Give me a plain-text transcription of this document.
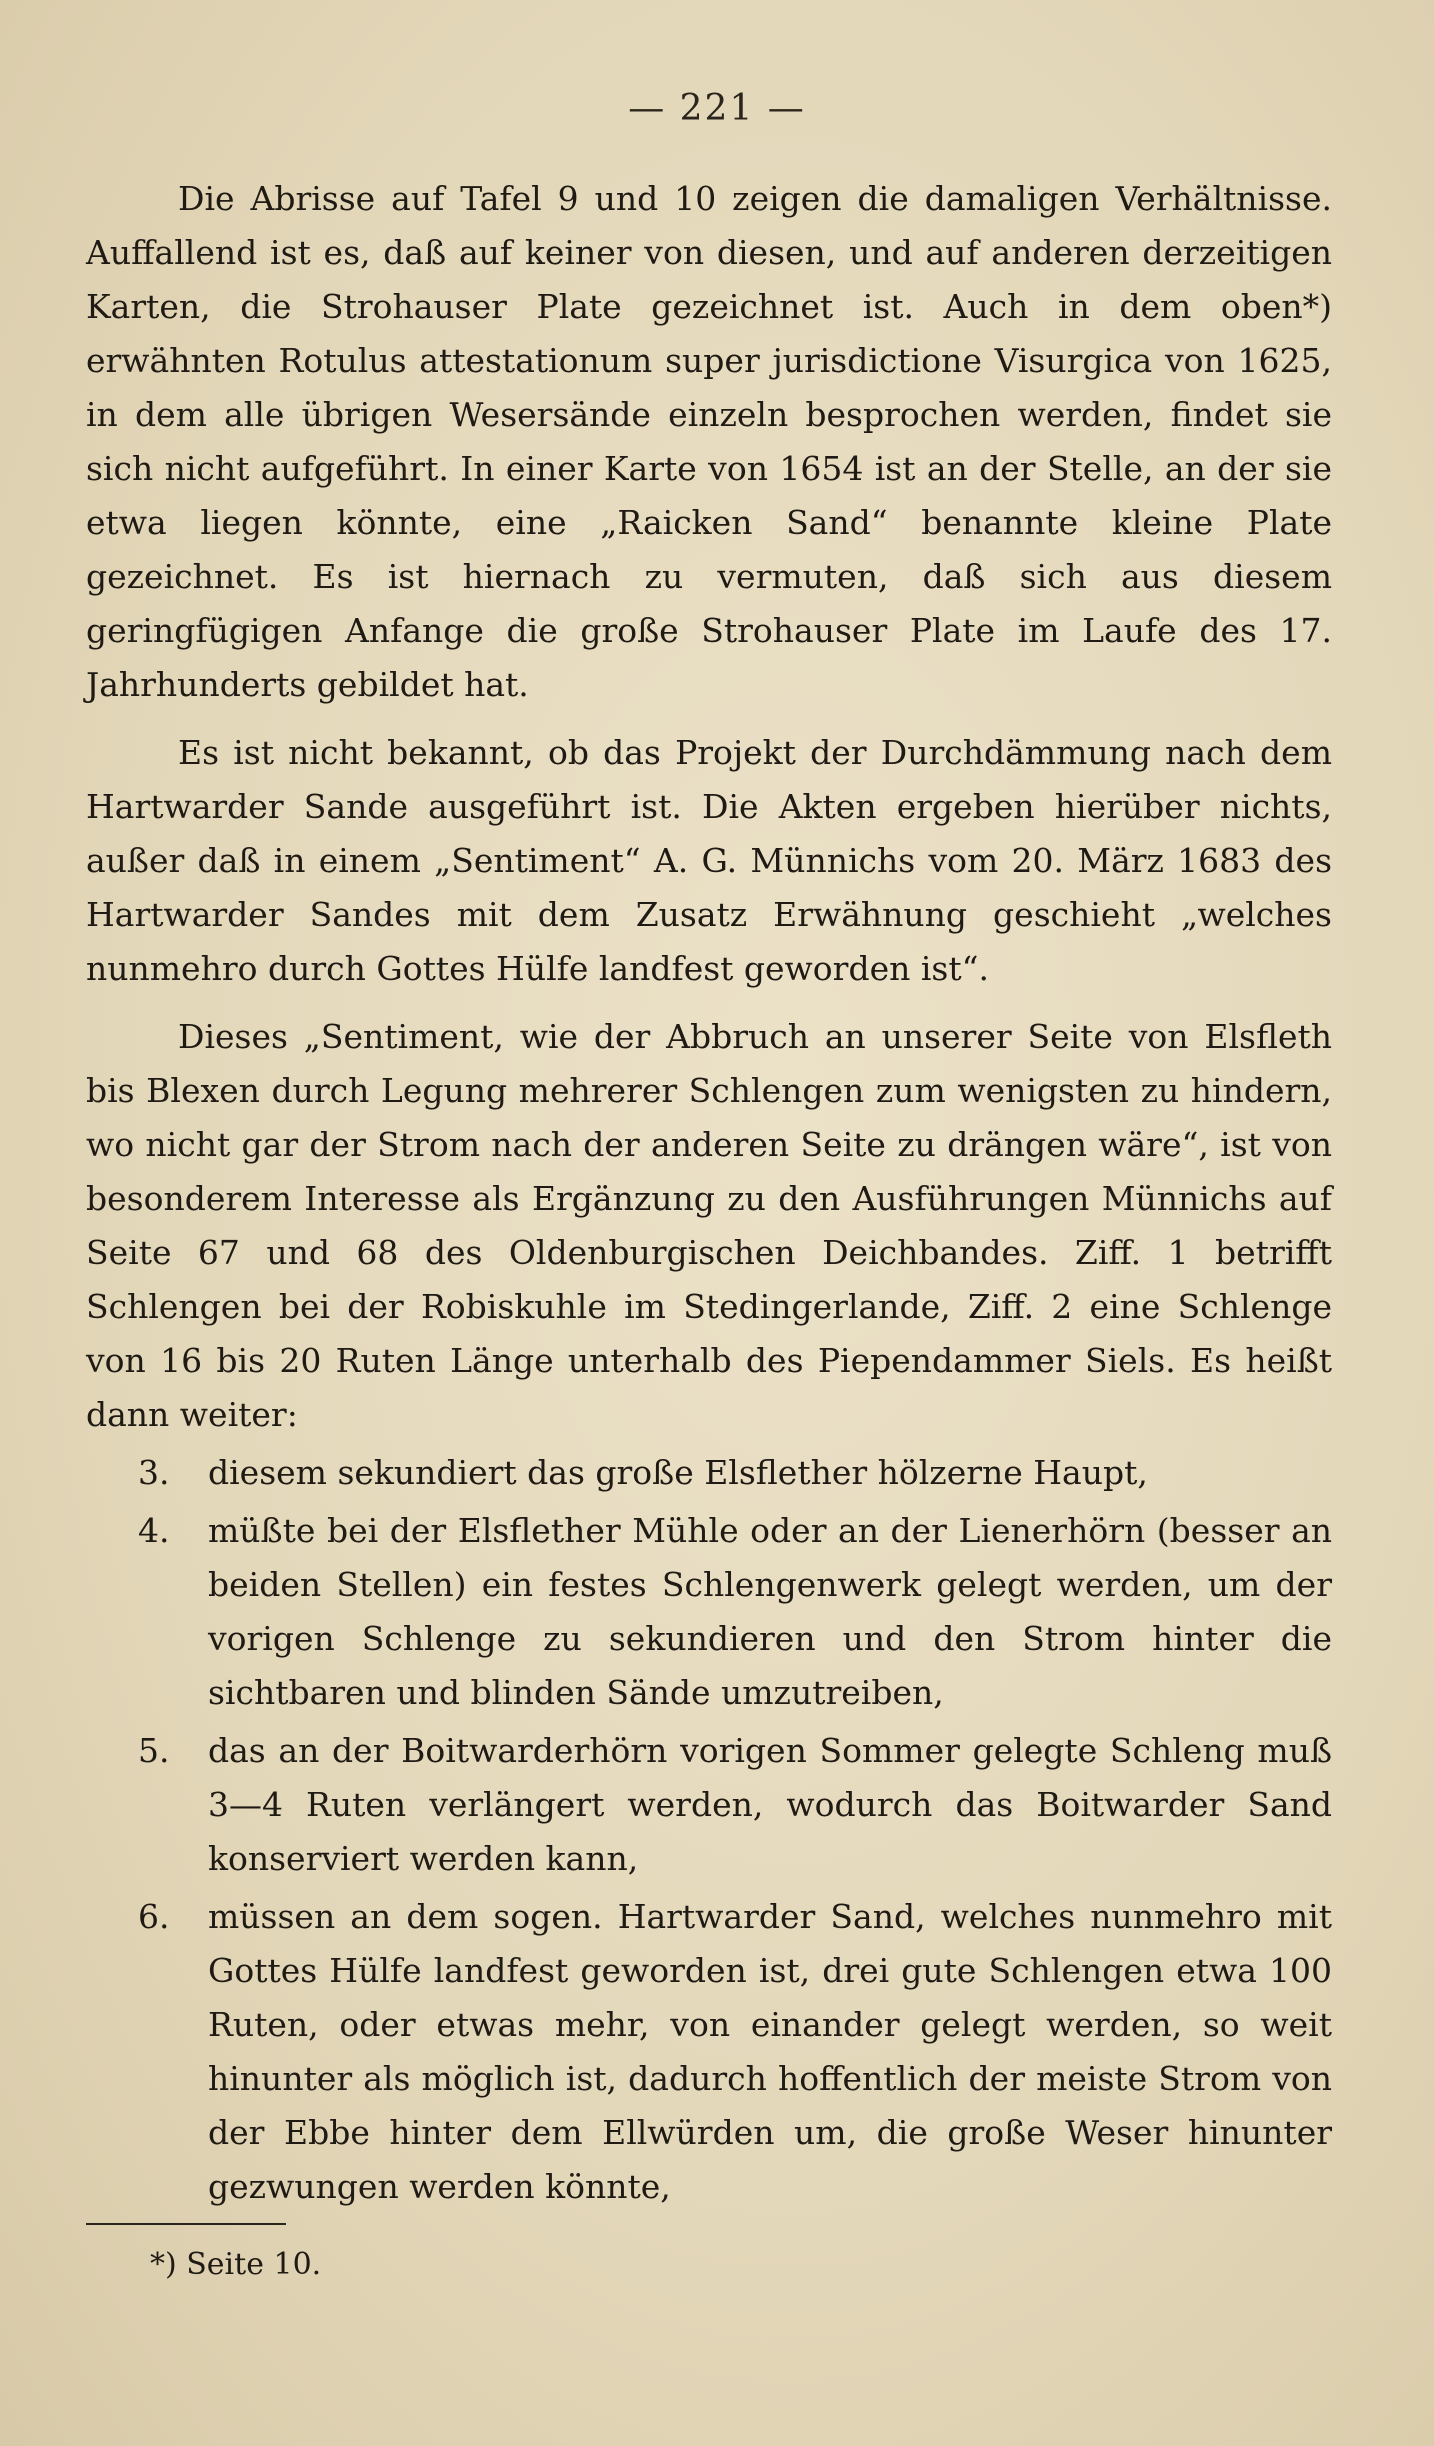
— 221 —

Die Abrisse auf Tafel 9 und 10 zeigen die damaligen Verhältnisse. Auffallend ist es, daß auf keiner von diesen, und auf anderen derzeitigen Karten, die Strohauser Plate gezeichnet ist. Auch in dem oben*) erwähnten Rotulus attestationum super jurisdictione Visurgica von 1625, in dem alle übrigen Wesersände einzeln besprochen werden, findet sie sich nicht aufgeführt. In einer Karte von 1654 ist an der Stelle, an der sie etwa liegen könnte, eine „Raicken Sand“ benannte kleine Plate gezeichnet. Es ist hiernach zu vermuten, daß sich aus diesem geringfügigen Anfange die große Strohauser Plate im Laufe des 17. Jahrhunderts gebildet hat.

Es ist nicht bekannt, ob das Projekt der Durchdämmung nach dem Hartwarder Sande ausgeführt ist. Die Akten ergeben hierüber nichts, außer daß in einem „Sentiment“ A. G. Münnichs vom 20. März 1683 des Hartwarder Sandes mit dem Zusatz Erwähnung geschieht „welches nunmehro durch Gottes Hülfe landfest geworden ist“.

Dieses „Sentiment, wie der Abbruch an unserer Seite von Elsfleth bis Blexen durch Legung mehrerer Schlengen zum wenigsten zu hindern, wo nicht gar der Strom nach der anderen Seite zu drängen wäre“, ist von besonderem Interesse als Ergänzung zu den Ausführungen Münnichs auf Seite 67 und 68 des Oldenburgischen Deichbandes. Ziff. 1 betrifft Schlengen bei der Robiskuhle im Stedingerlande, Ziff. 2 eine Schlenge von 16 bis 20 Ruten Länge unterhalb des Piependammer Siels. Es heißt dann weiter:

3.	diesem sekundiert das große Elsflether hölzerne Haupt,
4.	müßte bei der Elsflether Mühle oder an der Lienerhörn (besser an beiden Stellen) ein festes Schlengenwerk gelegt werden, um der vorigen Schlenge zu sekundieren und den Strom hinter die sichtbaren und blinden Sände umzutreiben,
5.	das an der Boitwarderhörn vorigen Sommer gelegte Schleng muß 3—4 Ruten verlängert werden, wodurch das Boitwarder Sand konserviert werden kann,
6.	müssen an dem sogen. Hartwarder Sand, welches nunmehro mit Gottes Hülfe landfest geworden ist, drei gute Schlengen etwa 100 Ruten, oder etwas mehr, von einander gelegt werden, so weit hinunter als möglich ist, dadurch hoffentlich der meiste Strom von der Ebbe hinter dem Ellwürden um, die große Weser hinunter gezwungen werden könnte,
*) Seite 10.
